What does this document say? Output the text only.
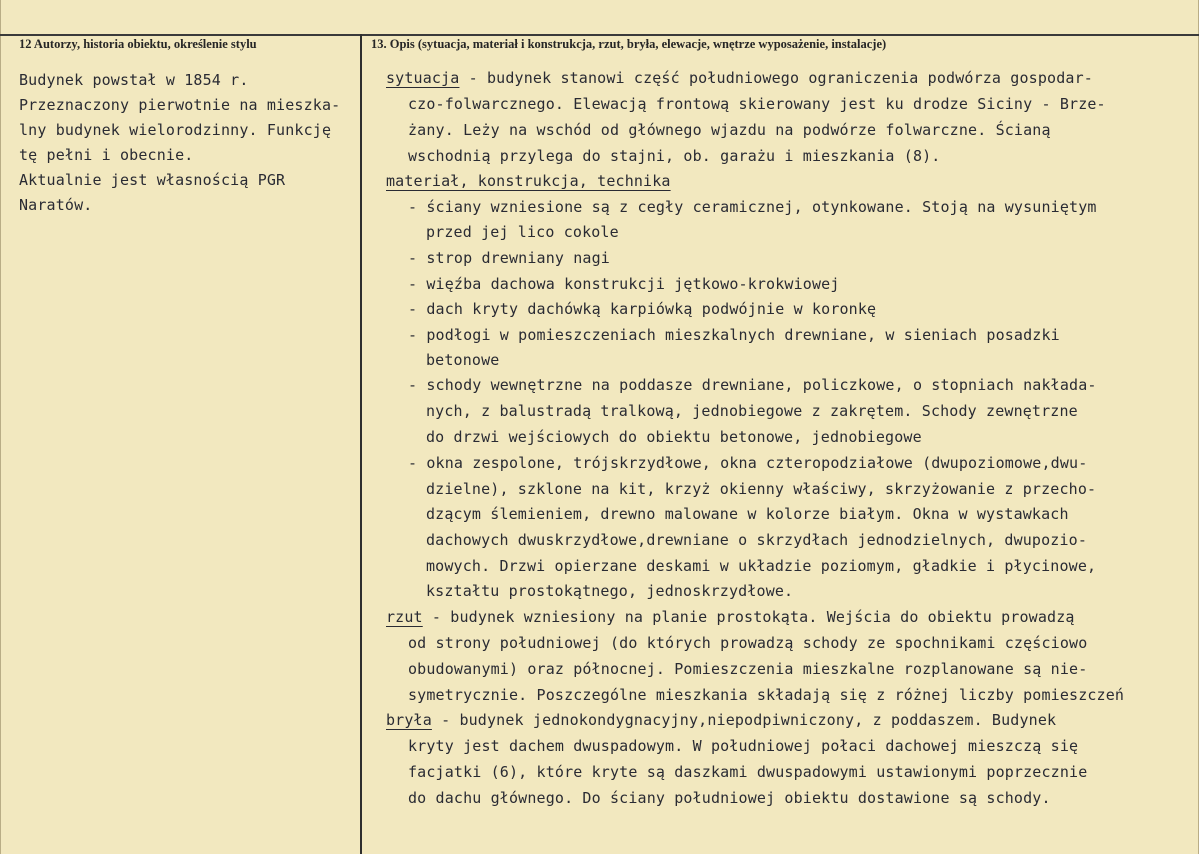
12 Autorzy, historia obiektu, określenie stylu	13. Opis (sytuacja, materiał i konstrukcja, rzut, bryła, elewacje, wnętrze wyposażenie, instalacje)
Budynek powstał w 1854 r.
Przeznaczony pierwotnie na mieszka-
lny budynek wielorodzinny. Funkcję
tę pełni i obecnie.
Aktualnie jest własnością PGR
Naratów.
sytuacja - budynek stanowi część południowego ograniczenia podwórza gospodar-
czo-folwarcznego. Elewacją frontową skierowany jest ku drodze Siciny - Brze-
żany. Leży na wschód od głównego wjazdu na podwórze folwarczne. Ścianą
wschodnią przylega do stajni, ob. garażu i mieszkania (8).
materiał, konstrukcja, technika
- ściany wzniesione są z cegły ceramicznej, otynkowane. Stoją na wysuniętym
przed jej lico cokole
- strop drewniany nagi
- więźba dachowa konstrukcji jętkowo-krokwiowej
- dach kryty dachówką karpiówką podwójnie w koronkę
- podłogi w pomieszczeniach mieszkalnych drewniane, w sieniach posadzki
betonowe
- schody wewnętrzne na poddasze drewniane, policzkowe, o stopniach nakłada-
nych, z balustradą tralkową, jednobiegowe z zakrętem. Schody zewnętrzne
do drzwi wejściowych do obiektu betonowe, jednobiegowe
- okna zespolone, trójskrzydłowe, okna czteropodziałowe (dwupoziomowe,dwu-
dzielne), szklone na kit, krzyż okienny właściwy, skrzyżowanie z przecho-
dzącym ślemieniem, drewno malowane w kolorze białym. Okna w wystawkach
dachowych dwuskrzydłowe,drewniane o skrzydłach jednodzielnych, dwupozio-
mowych. Drzwi opierzane deskami w układzie poziomym, gładkie i płycinowe,
kształtu prostokątnego, jednoskrzydłowe.
rzut - budynek wzniesiony na planie prostokąta. Wejścia do obiektu prowadzą
od strony południowej (do których prowadzą schody ze spochnikami częściowo
obudowanymi) oraz północnej. Pomieszczenia mieszkalne rozplanowane są nie-
symetrycznie. Poszczególne mieszkania składają się z różnej liczby pomieszczeń
bryła - budynek jednokondygnacyjny,niepodpiwniczony, z poddaszem. Budynek
kryty jest dachem dwuspadowym. W południowej połaci dachowej mieszczą się
facjatki (6), które kryte są daszkami dwuspadowymi ustawionymi poprzecznie
do dachu głównego. Do ściany południowej obiektu dostawione są schody.
